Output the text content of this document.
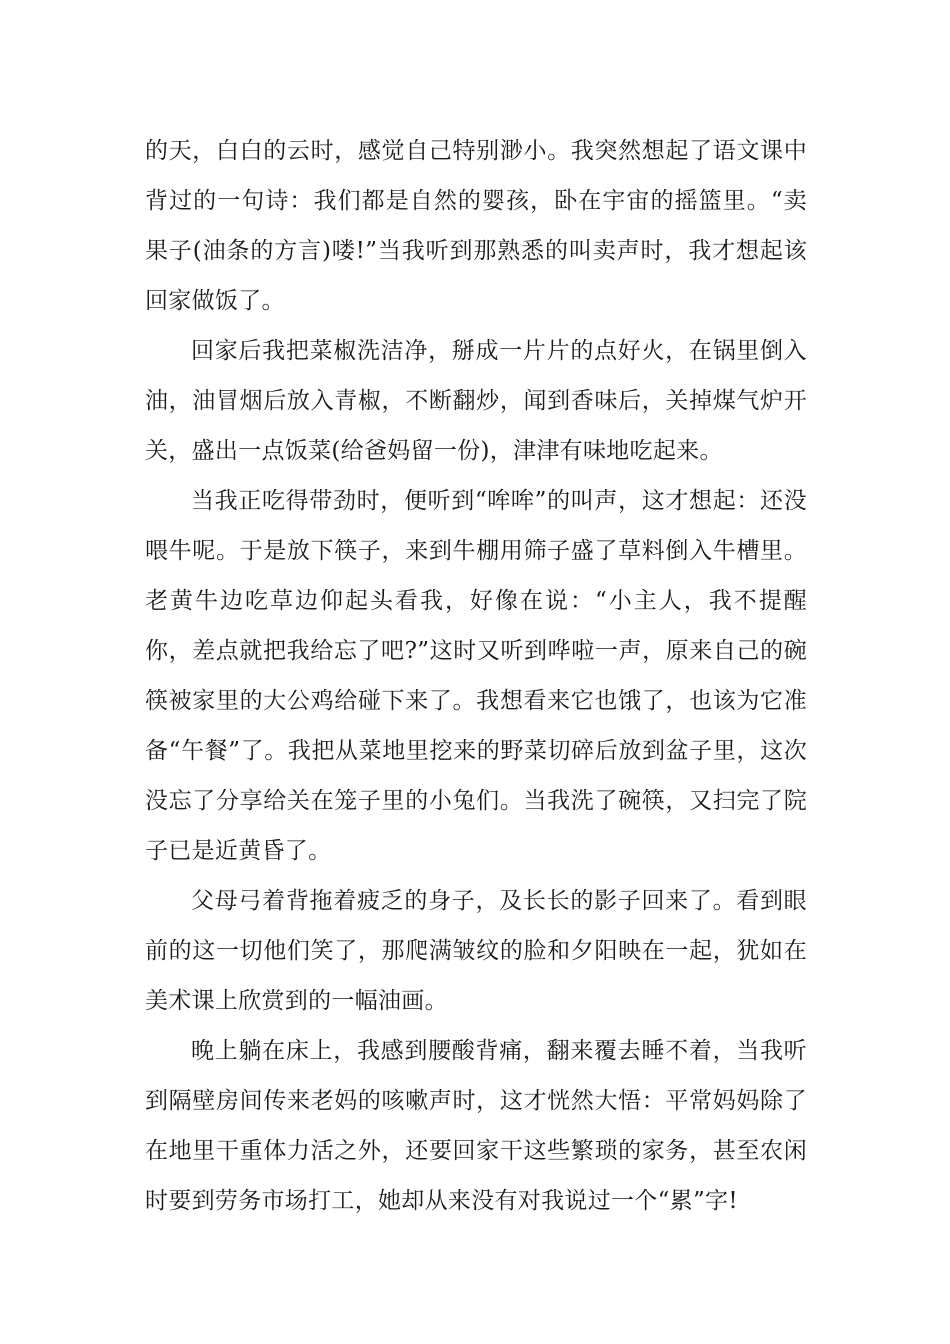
的天，白白的云时，感觉自己特别渺小。我突然想起了语文课中背过的一句诗：我们都是自然的婴孩，卧在宇宙的摇篮里。“卖果子(油条的方言)喽!”当我听到那熟悉的叫卖声时，我才想起该回家做饭了。

回家后我把菜椒洗洁净，掰成一片片的点好火，在锅里倒入油，油冒烟后放入青椒，不断翻炒，闻到香味后，关掉煤气炉开关，盛出一点饭菜(给爸妈留一份)，津津有味地吃起来。

当我正吃得带劲时，便听到“哞哞”的叫声，这才想起：还没喂牛呢。于是放下筷子，来到牛棚用筛子盛了草料倒入牛槽里。老黄牛边吃草边仰起头看我，好像在说：“小主人，我不提醒你，差点就把我给忘了吧?”这时又听到哗啦一声，原来自己的碗筷被家里的大公鸡给碰下来了。我想看来它也饿了，也该为它准备“午餐”了。我把从菜地里挖来的野菜切碎后放到盆子里，这次没忘了分享给关在笼子里的小兔们。当我洗了碗筷，又扫完了院子已是近黄昏了。

父母弓着背拖着疲乏的身子，及长长的影子回来了。看到眼前的这一切他们笑了，那爬满皱纹的脸和夕阳映在一起，犹如在美术课上欣赏到的一幅油画。

晚上躺在床上，我感到腰酸背痛，翻来覆去睡不着，当我听到隔壁房间传来老妈的咳嗽声时，这才恍然大悟：平常妈妈除了在地里干重体力活之外，还要回家干这些繁琐的家务，甚至农闲时要到劳务市场打工，她却从来没有对我说过一个“累”字!
